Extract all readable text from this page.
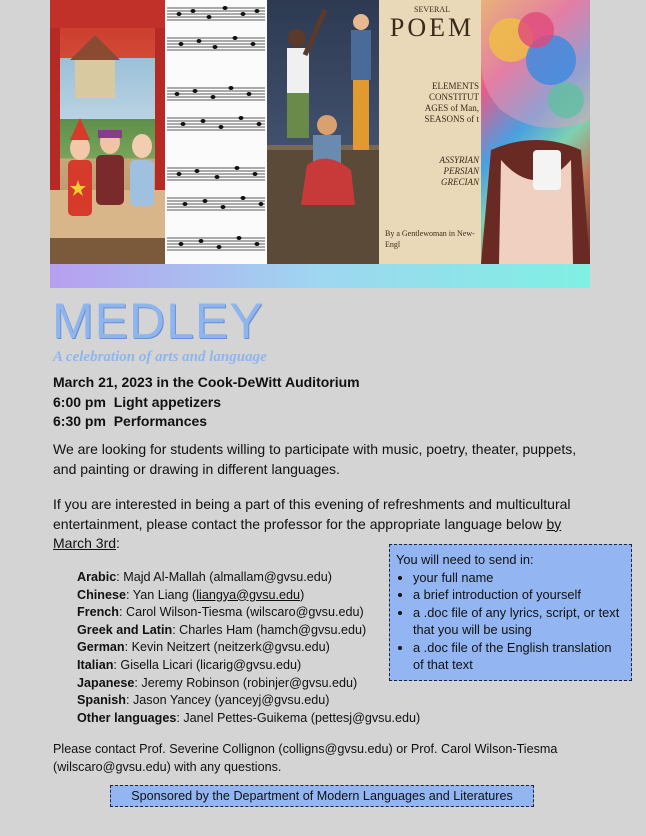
SEVERAL
POEM
ELEMENTS
CONSTITUT
AGES of Man,
SEASONS of t
ASSYRIAN
PERSIAN
GRECIAN
By a Gentlewoman in New-Engl
MEDLEY
A celebration of arts and language
March 21, 2023 in the Cook-DeWitt Auditorium
6:00 pm  Light appetizers
6:30 pm  Performances
We are looking for students willing to participate with music, poetry, theater, puppets, and painting or drawing in different languages.
If you are interested in being a part of this evening of refreshments and multicultural entertainment, please contact the professor for the appropriate language below by March 3rd:
Arabic: Majd Al-Mallah (almallam@gvsu.edu)
Chinese: Yan Liang (liangya@gvsu.edu)
French: Carol Wilson-Tiesma (wilscaro@gvsu.edu)
Greek and Latin: Charles Ham (hamch@gvsu.edu)
German: Kevin Neitzert (neitzerk@gvsu.edu)
Italian: Gisella Licari (licarig@gvsu.edu)
Japanese: Jeremy Robinson (robinjer@gvsu.edu)
Spanish: Jason Yancey (yanceyj@gvsu.edu)
Other languages: Janel Pettes-Guikema (pettesj@gvsu.edu)
You will need to send in:
• your full name
• a brief introduction of yourself
• a .doc file of any lyrics, script, or text that you will be using
• a .doc file of the English translation of that text
Please contact Prof. Severine Collignon (colligns@gvsu.edu) or Prof. Carol Wilson-Tiesma (wilscaro@gvsu.edu) with any questions.
Sponsored by the Department of Modern Languages and Literatures
